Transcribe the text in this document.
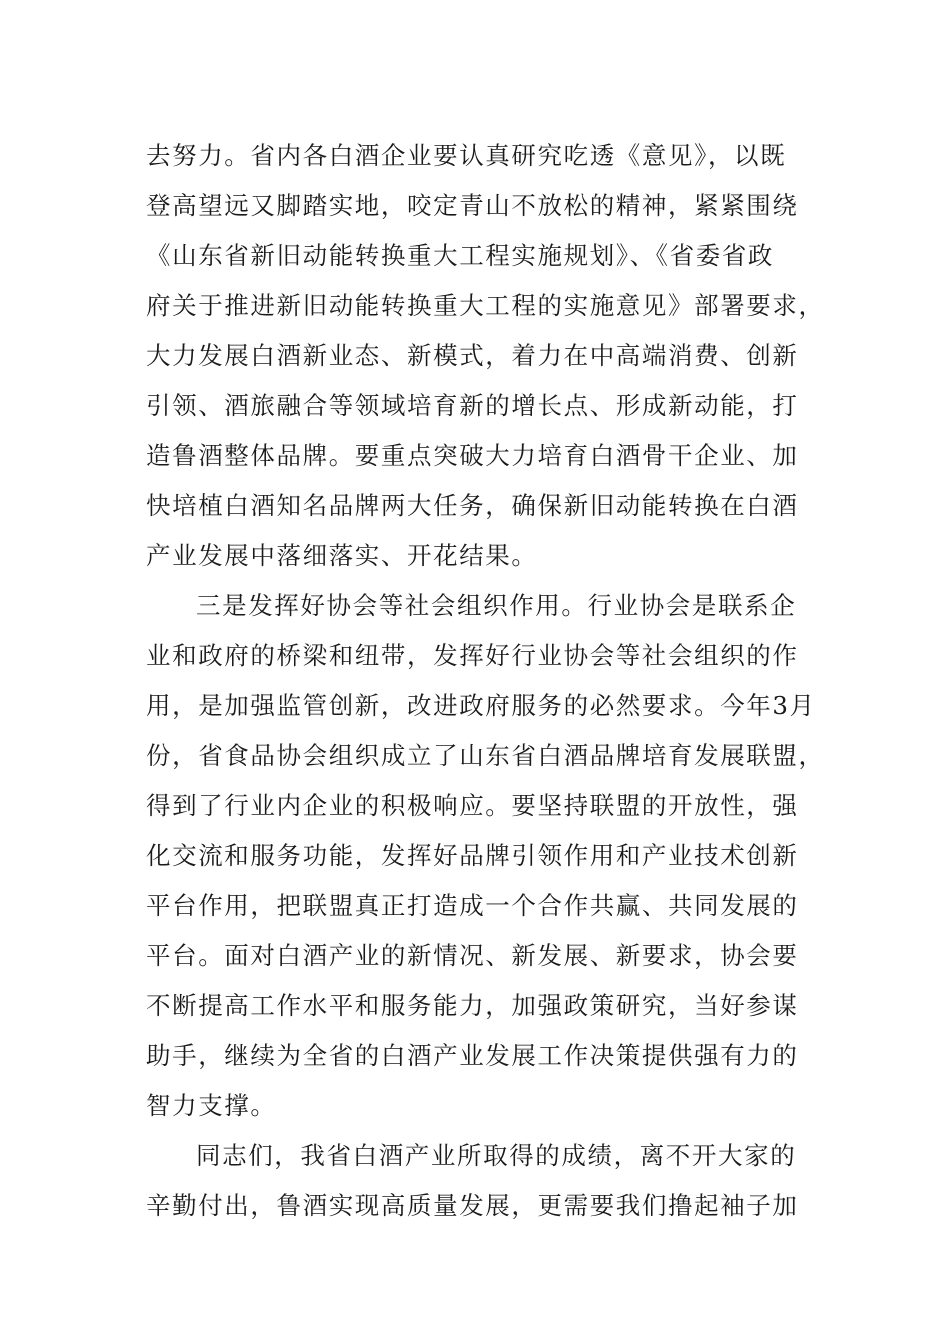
去努力。省内各白酒企业要认真研究吃透《意见》，以既

登高望远又脚踏实地，咬定青山不放松的精神，紧紧围绕

《山东省新旧动能转换重大工程实施规划》、《省委省政

府关于推进新旧动能转换重大工程的实施意见》部署要求，

大力发展白酒新业态、新模式，着力在中高端消费、创新

引领、酒旅融合等领域培育新的增长点、形成新动能，打

造鲁酒整体品牌。要重点突破大力培育白酒骨干企业、加

快培植白酒知名品牌两大任务，确保新旧动能转换在白酒

产业发展中落细落实、开花结果。

三是发挥好协会等社会组织作用。行业协会是联系企

业和政府的桥梁和纽带，发挥好行业协会等社会组织的作

用，是加强监管创新，改进政府服务的必然要求。今年3月

份，省食品协会组织成立了山东省白酒品牌培育发展联盟，

得到了行业内企业的积极响应。要坚持联盟的开放性，强

化交流和服务功能，发挥好品牌引领作用和产业技术创新

平台作用，把联盟真正打造成一个合作共赢、共同发展的

平台。面对白酒产业的新情况、新发展、新要求，协会要

不断提高工作水平和服务能力，加强政策研究，当好参谋

助手，继续为全省的白酒产业发展工作决策提供强有力的

智力支撑。

同志们，我省白酒产业所取得的成绩，离不开大家的

辛勤付出，鲁酒实现高质量发展，更需要我们撸起袖子加
